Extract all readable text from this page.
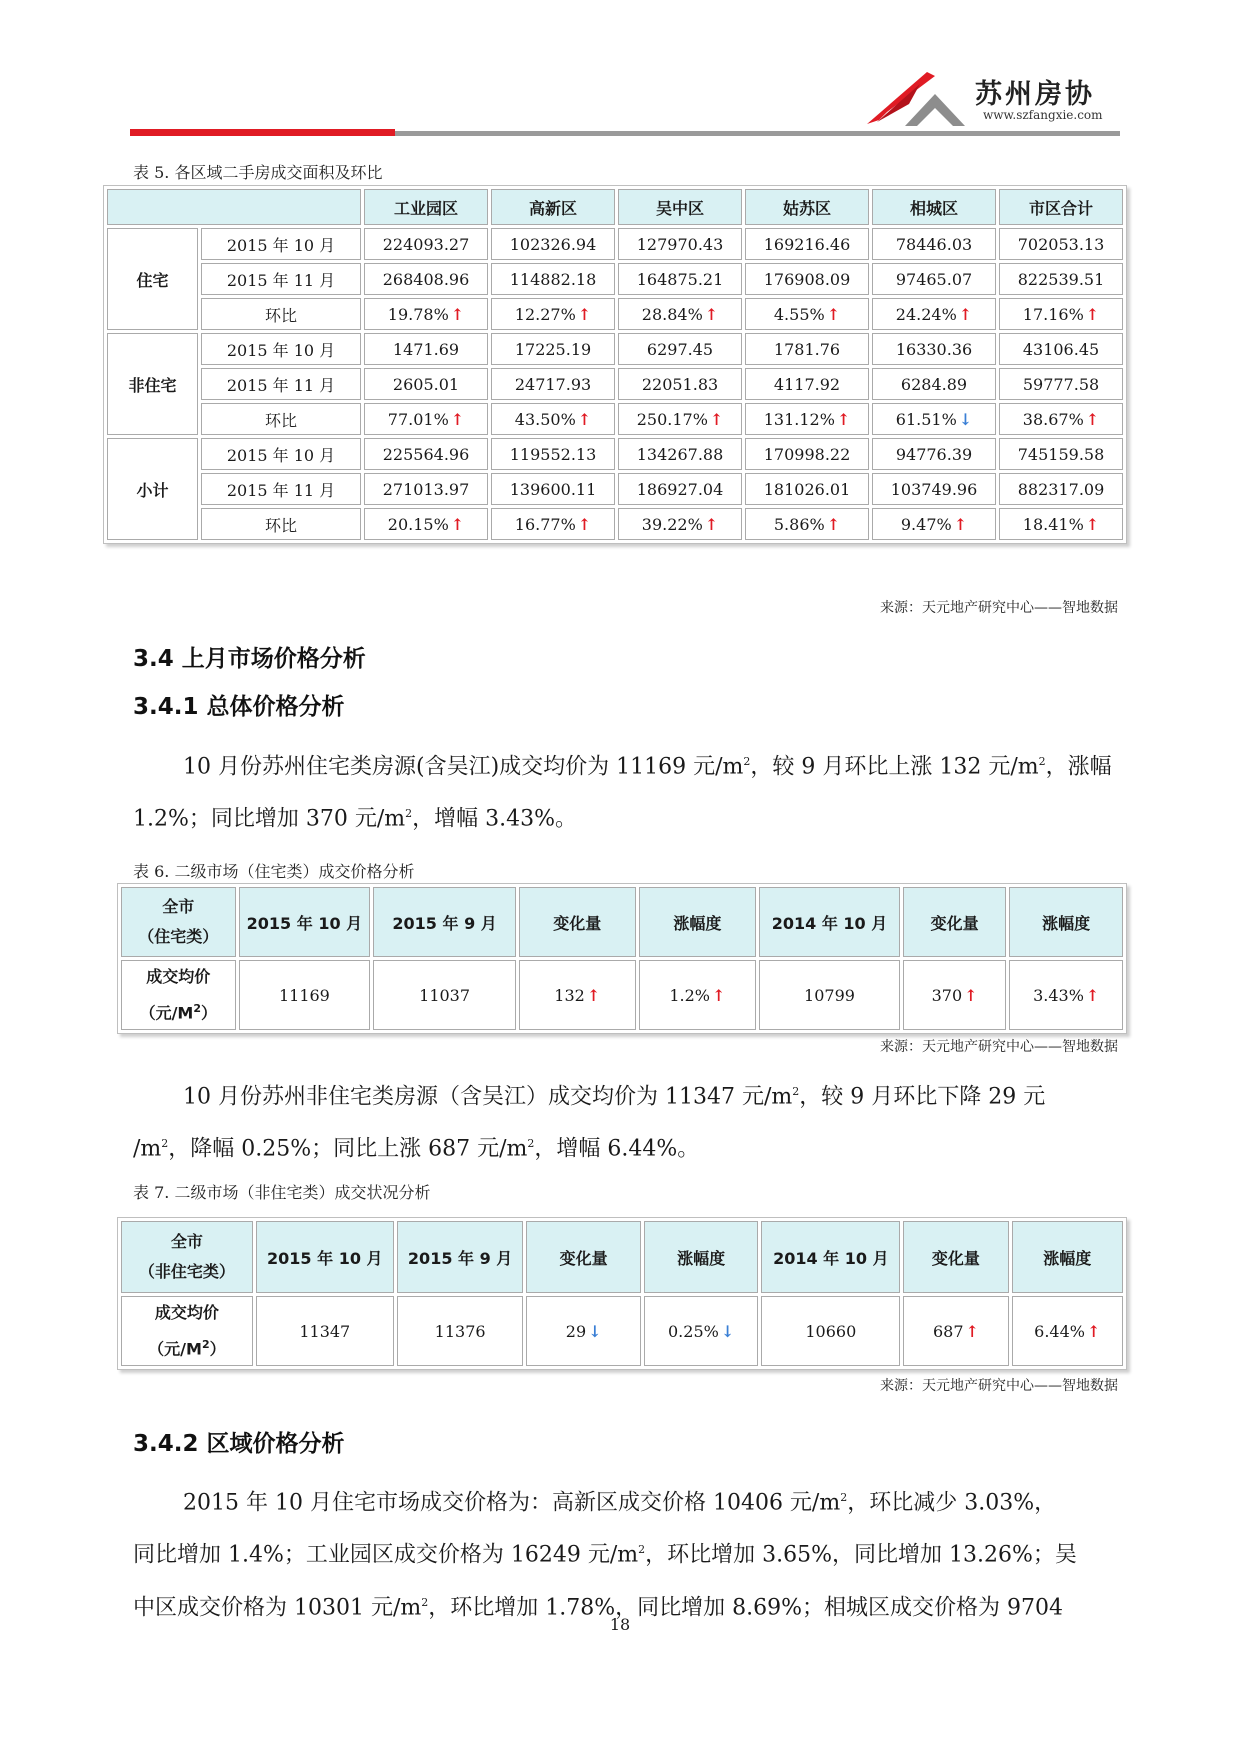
苏州房协
www.szfangxie.com
表 5. 各区域二手房成交面积及环比
		工业园区	高新区	吴中区	姑苏区	相城区	市区合计
住宅	2015 年 10 月	224093.27	102326.94	127970.43	169216.46	78446.03	702053.13
	2015 年 11 月	268408.96	114882.18	164875.21	176908.09	97465.07	822539.51
	环比	19.78% ↑	12.27% ↑	28.84% ↑	4.55% ↑	24.24% ↑	17.16% ↑
非住宅	2015 年 10 月	1471.69	17225.19	6297.45	1781.76	16330.36	43106.45
	2015 年 11 月	2605.01	24717.93	22051.83	4117.92	6284.89	59777.58
	环比	77.01% ↑	43.50% ↑	250.17% ↑	131.12% ↑	61.51% ↓	38.67% ↑
小计	2015 年 10 月	225564.96	119552.13	134267.88	170998.22	94776.39	745159.58
	2015 年 11 月	271013.97	139600.11	186927.04	181026.01	103749.96	882317.09
	环比	20.15% ↑	16.77% ↑	39.22% ↑	5.86% ↑	9.47% ↑	18.41% ↑
来源：天元地产研究中心——智地数据
3.4 上月市场价格分析
3.4.1 总体价格分析
10 月份苏州住宅类房源(含吴江)成交均价为 11169 元$/m^2$，较 9 月环比上涨 132 元$/m^2$，涨幅 1.2%；同比增加 370 元$/m^2$，增幅 3.43%。
表 6. 二级市场（住宅类）成交价格分析
全市
（住宅类）	2015 年 10 月	2015 年 9 月	变化量	涨幅度	2014 年 10 月	变化量	涨幅度

成交均价
（元$/M^2$）	11169	11037	132 ↑	1.2% ↑	10799	370 ↑	3.43% ↑
来源：天元地产研究中心——智地数据
10 月份苏州非住宅类房源（含吴江）成交均价为 11347 元$/m^2$，较 9 月环比下降 29 元
$/m^2$，降幅 0.25%；同比上涨 687 元$/m^2$，增幅 6.44%。
表 7. 二级市场（非住宅类）成交状况分析
全市
（非住宅类）	2015 年 10 月	2015 年 9 月	变化量	涨幅度	2014 年 10 月	变化量	涨幅度

成交均价
（元$/M^2$）	11347	11376	29 ↓	0.25% ↓	10660	687 ↑	6.44% ↑
来源：天元地产研究中心——智地数据
3.4.2 区域价格分析
2015 年 10 月住宅市场成交价格为：高新区成交价格 10406 元$/m^2$，环比减少 3.03%，
同比增加 1.4%；工业园区成交价格为 16249 元$/m^2$，环比增加 3.65%，同比增加 13.26%；吴
中区成交价格为 10301 元$/m^2$，环比增加 1.78%，同比增加 8.69%；相城区成交价格为 9704
18
